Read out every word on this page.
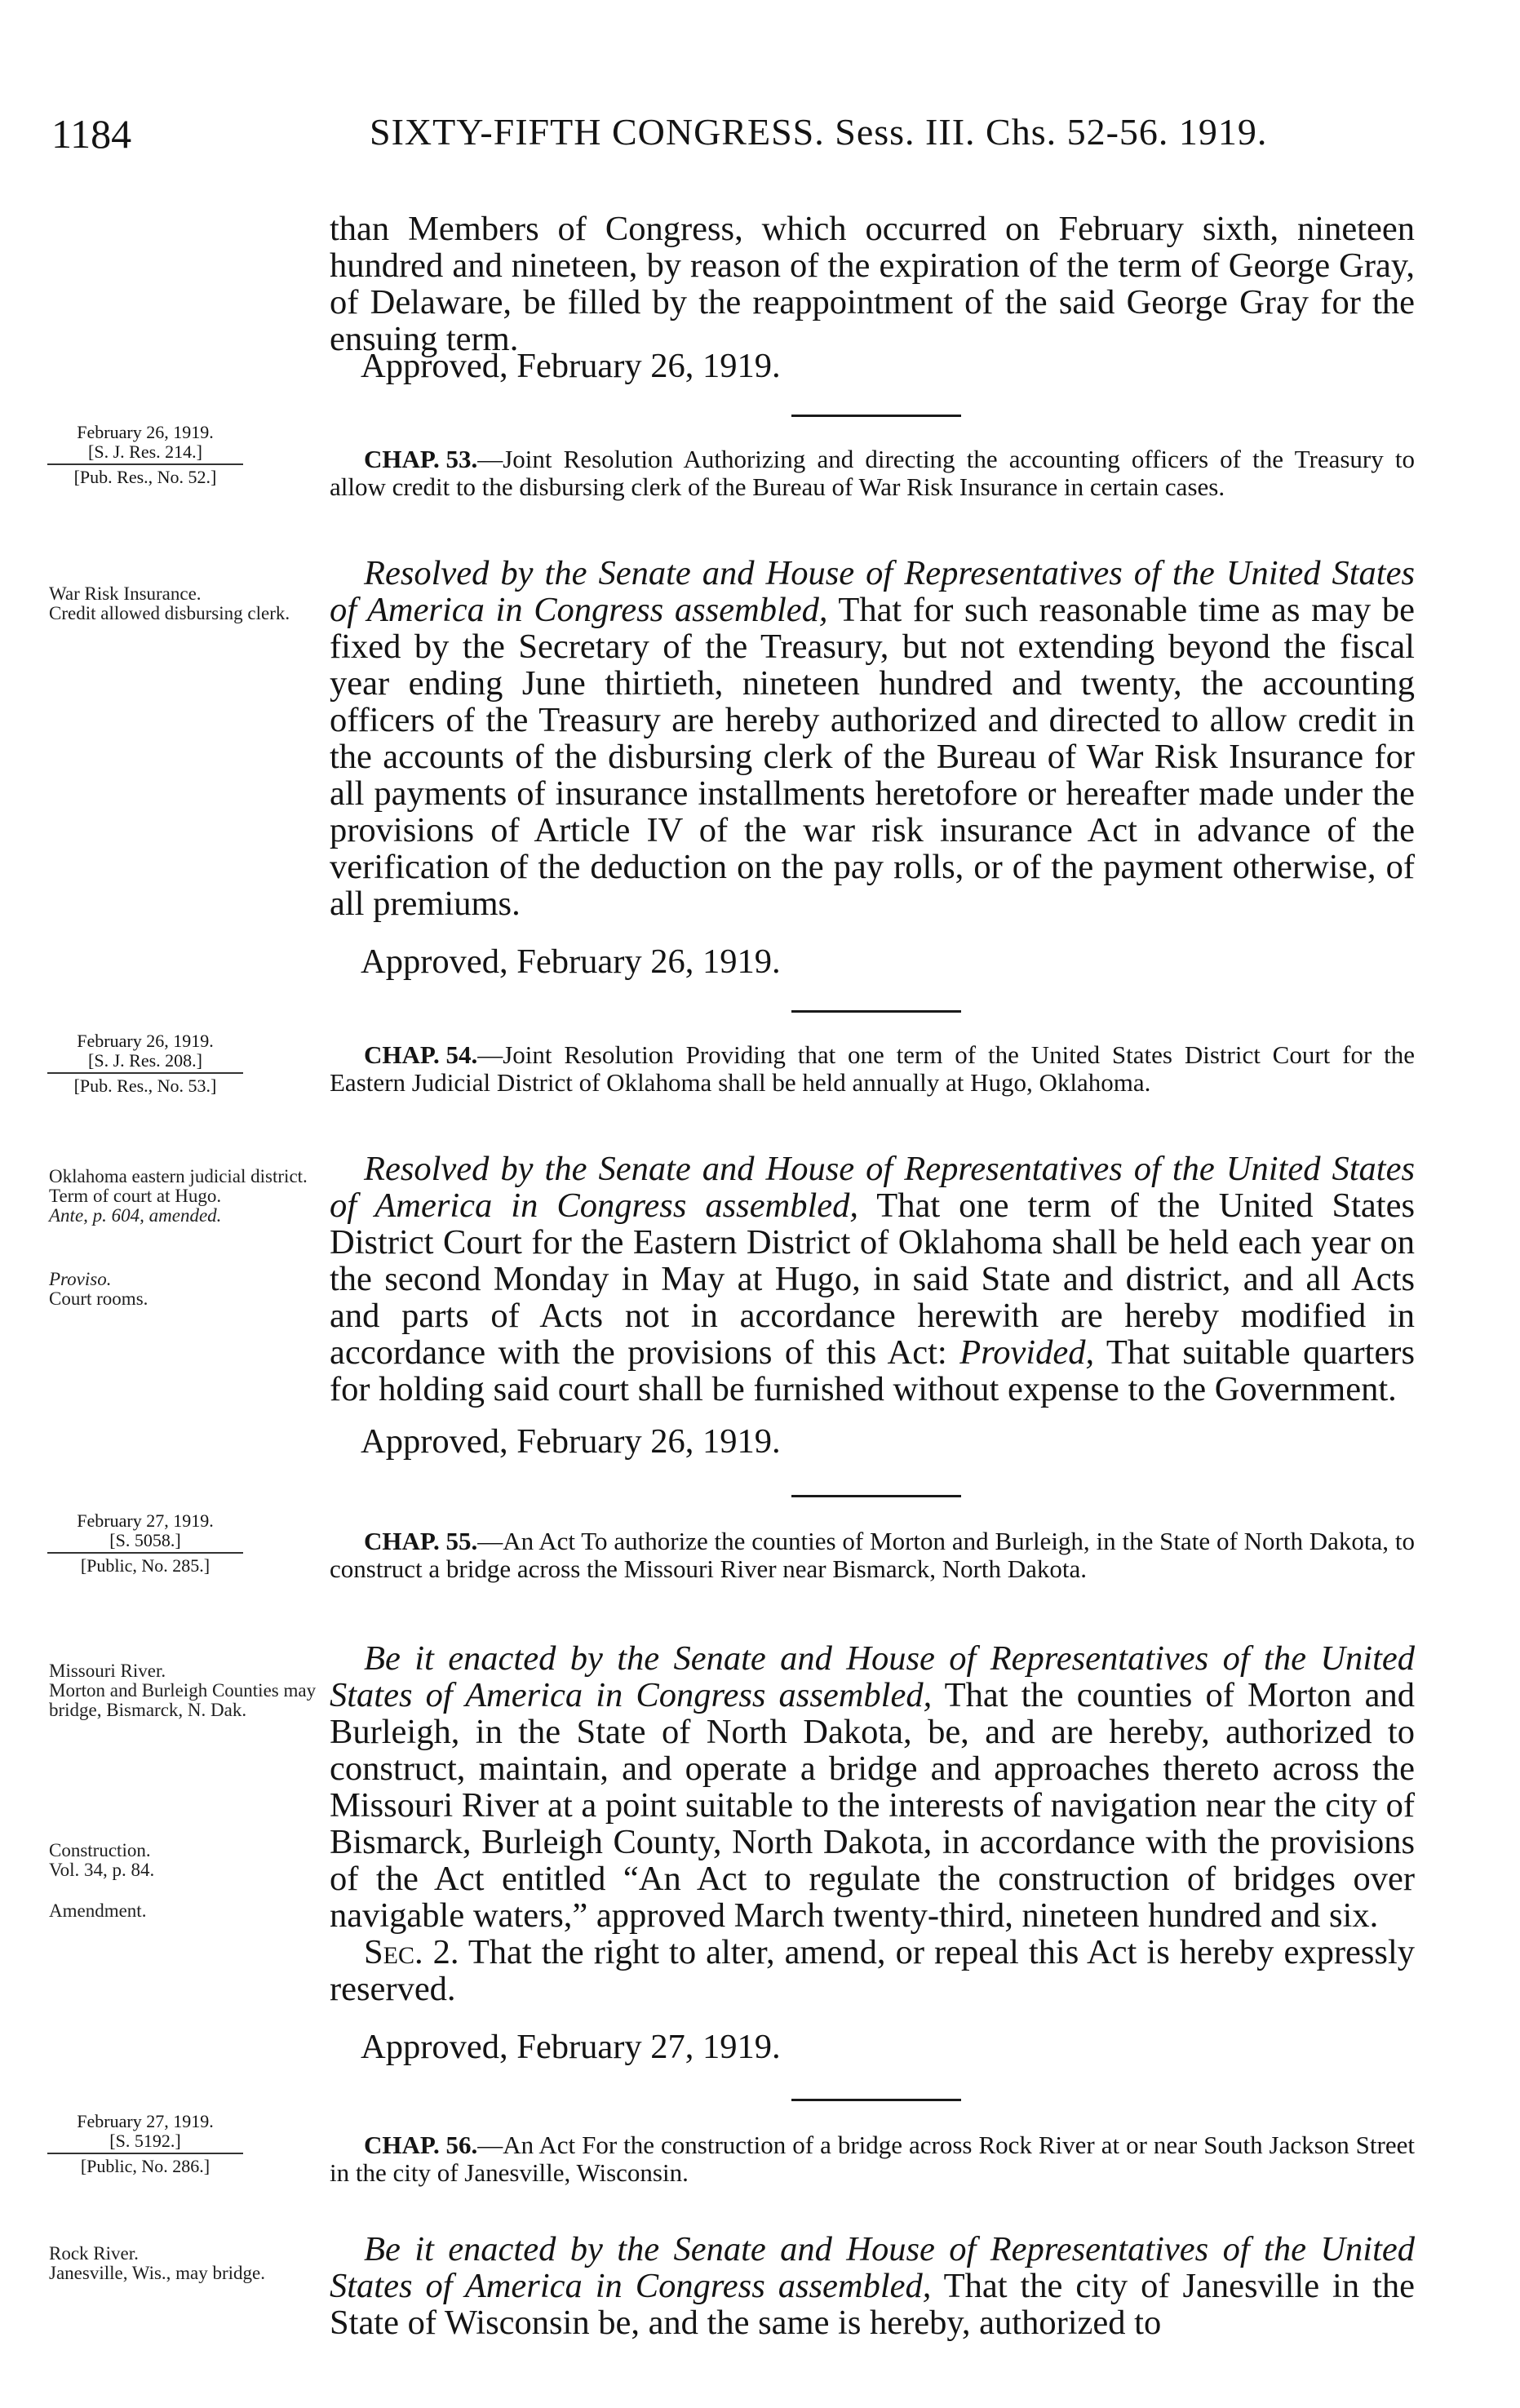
1184	SIXTY-FIFTH CONGRESS. Sess. III. Chs. 52-56. 1919.

than Members of Congress, which occurred on February sixth, nineteen hundred and nineteen, by reason of the expiration of the term of George Gray, of Delaware, be filled by the reappointment of the said George Gray for the ensuing term.

Approved, February 26, 1919.

February 26, 1919.
[S. J. Res. 214.]
[Pub. Res., No. 52.]

CHAP. 53.—Joint Resolution Authorizing and directing the accounting officers of the Treasury to allow credit to the disbursing clerk of the Bureau of War Risk Insurance in certain cases.

War Risk Insurance.
Credit allowed disbursing clerk.

Resolved by the Senate and House of Representatives of the United States of America in Congress assembled, That for such reasonable time as may be fixed by the Secretary of the Treasury, but not extending beyond the fiscal year ending June thirtieth, nineteen hundred and twenty, the accounting officers of the Treasury are hereby authorized and directed to allow credit in the accounts of the disbursing clerk of the Bureau of War Risk Insurance for all payments of insurance installments heretofore or hereafter made under the provisions of Article IV of the war risk insurance Act in advance of the verification of the deduction on the pay rolls, or of the payment otherwise, of all premiums.

Approved, February 26, 1919.

February 26, 1919.
[S. J. Res. 208.]
[Pub. Res., No. 53.]

CHAP. 54.—Joint Resolution Providing that one term of the United States District Court for the Eastern Judicial District of Oklahoma shall be held annually at Hugo, Oklahoma.

Oklahoma eastern judicial district.
Term of court at Hugo.
Ante, p. 604, amended.
Proviso.
Court rooms.

Resolved by the Senate and House of Representatives of the United States of America in Congress assembled, That one term of the United States District Court for the Eastern District of Oklahoma shall be held each year on the second Monday in May at Hugo, in said State and district, and all Acts and parts of Acts not in accordance herewith are hereby modified in accordance with the provisions of this Act: Provided, That suitable quarters for holding said court shall be furnished without expense to the Government.

Approved, February 26, 1919.

February 27, 1919.
[S. 5058.]
[Public, No. 285.]

CHAP. 55.—An Act To authorize the counties of Morton and Burleigh, in the State of North Dakota, to construct a bridge across the Missouri River near Bismarck, North Dakota.

Missouri River.
Morton and Burleigh Counties may bridge, Bismarck, N. Dak.
Construction.
Vol. 34, p. 84.
Amendment.

Be it enacted by the Senate and House of Representatives of the United States of America in Congress assembled, That the counties of Morton and Burleigh, in the State of North Dakota, be, and are hereby, authorized to construct, maintain, and operate a bridge and approaches thereto across the Missouri River at a point suitable to the interests of navigation near the city of Bismarck, Burleigh County, North Dakota, in accordance with the provisions of the Act entitled “An Act to regulate the construction of bridges over navigable waters,” approved March twenty-third, nineteen hundred and six.
Sec. 2. That the right to alter, amend, or repeal this Act is hereby expressly reserved.

Approved, February 27, 1919.

February 27, 1919.
[S. 5192.]
[Public, No. 286.]

CHAP. 56.—An Act For the construction of a bridge across Rock River at or near South Jackson Street in the city of Janesville, Wisconsin.

Rock River.
Janesville, Wis., may bridge.

Be it enacted by the Senate and House of Representatives of the United States of America in Congress assembled, That the city of Janesville in the State of Wisconsin be, and the same is hereby, authorized to
